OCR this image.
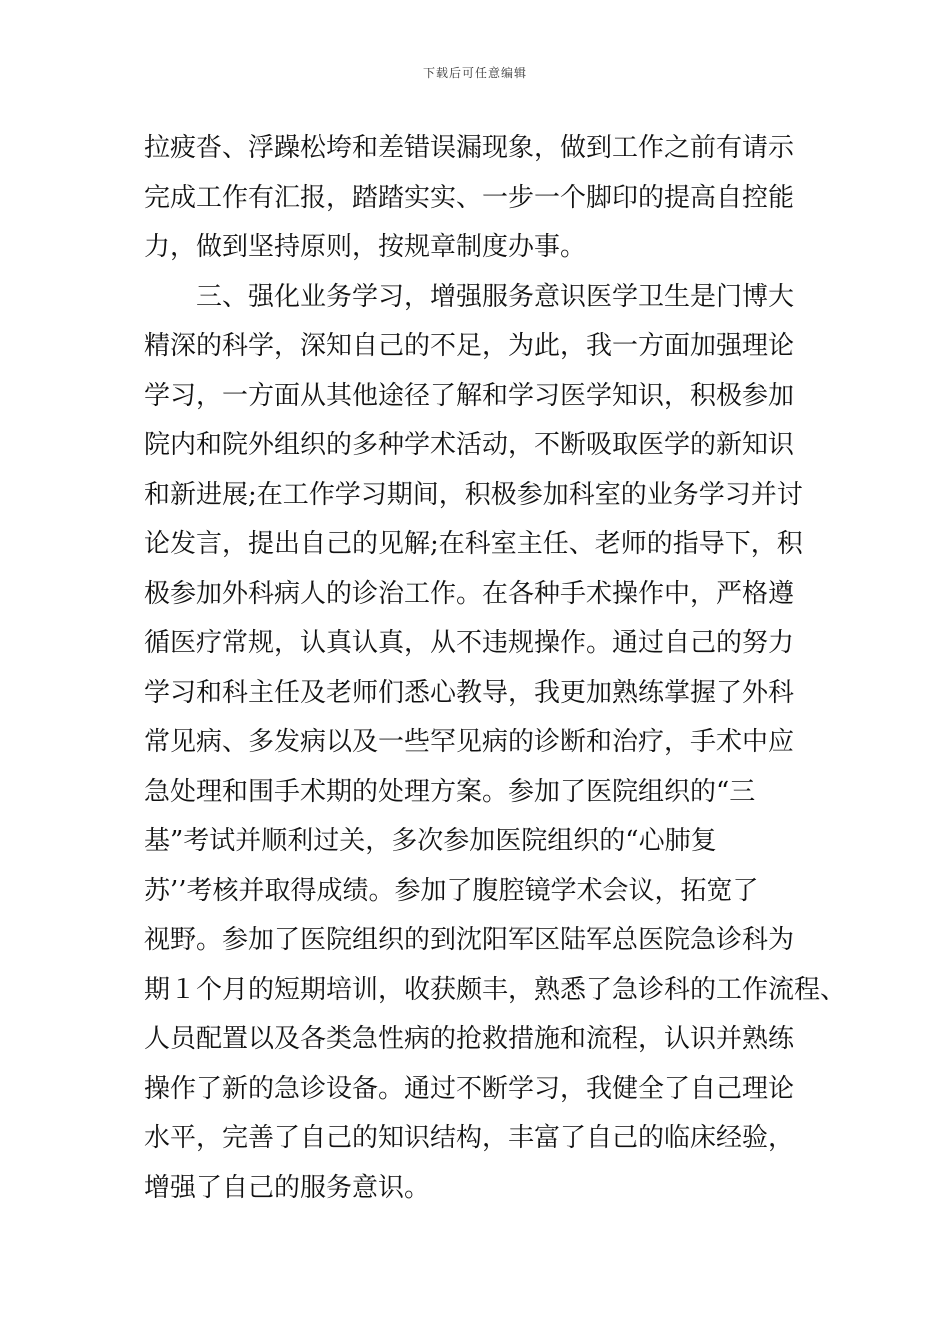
下载后可任意编辑
拉疲沓、浮躁松垮和差错误漏现象，做到工作之前有请示
完成工作有汇报，踏踏实实、一步一个脚印的提高自控能
力，做到坚持原则，按规章制度办事。
三、强化业务学习，增强服务意识医学卫生是门博大
精深的科学，深知自己的不足，为此，我一方面加强理论
学习，一方面从其他途径了解和学习医学知识，积极参加
院内和院外组织的多种学术活动，不断吸取医学的新知识
和新进展;在工作学习期间，积极参加科室的业务学习并讨
论发言，提出自己的见解;在科室主任、老师的指导下，积
极参加外科病人的诊治工作。在各种手术操作中，严格遵
循医疗常规，认真认真，从不违规操作。通过自己的努力
学习和科主任及老师们悉心教导，我更加熟练掌握了外科
常见病、多发病以及一些罕见病的诊断和治疗，手术中应
急处理和围手术期的处理方案。参加了医院组织的“三
基”考试并顺利过关，多次参加医院组织的“心肺复
苏’’考核并取得成绩。参加了腹腔镜学术会议，拓宽了
视野。参加了医院组织的到沈阳军区陆军总医院急诊科为
期１个月的短期培训，收获颇丰，熟悉了急诊科的工作流程、
人员配置以及各类急性病的抢救措施和流程，认识并熟练
操作了新的急诊设备。通过不断学习，我健全了自己理论
水平，完善了自己的知识结构，丰富了自己的临床经验，
增强了自己的服务意识。
